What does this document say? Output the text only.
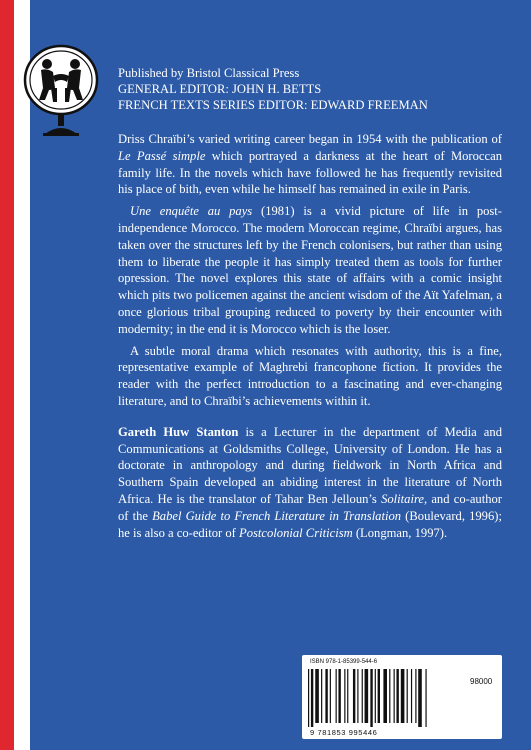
Published by Bristol Classical Press
GENERAL EDITOR: JOHN H. BETTS
FRENCH TEXTS SERIES EDITOR: EDWARD FREEMAN

Driss Chraïbi’s varied writing career began in 1954 with the publication of Le Passé simple which portrayed a darkness at the heart of Moroccan family life. In the novels which have followed he has frequently revisited his place of bith, even while he himself has remained in exile in Paris.

Une enquête au pays (1981) is a vivid picture of life in post-independence Morocco. The modern Moroccan regime, Chraïbi argues, has taken over the structures left by the French colonisers, but rather than using them to liberate the people it has simply treated them as tools for further opression. The novel explores this state of affairs with a comic insight which pits two policemen against the ancient wisdom of the Aït Yafelman, a once glorious tribal grouping reduced to poverty by their encounter with modernity; in the end it is Morocco which is the loser.

A subtle moral drama which resonates with authority, this is a fine, representative example of Maghrebi francophone fiction. It provides the reader with the perfect introduction to a fascinating and ever-changing literature, and to Chraïbi’s achievements within it.

Gareth Huw Stanton is a Lecturer in the department of Media and Communications at Goldsmiths College, University of London. He has a doctorate in anthropology and during fieldwork in North Africa and Southern Spain developed an abiding interest in the literature of North Africa. He is the translator of Tahar Ben Jelloun’s Solitaire, and co-author of the Babel Guide to French Literature in Translation (Boulevard, 1996); he is also a co-editor of Postcolonial Criticism (Longman, 1997).

ISBN 978-1-85399-544-6
98000
9 781853 995446
